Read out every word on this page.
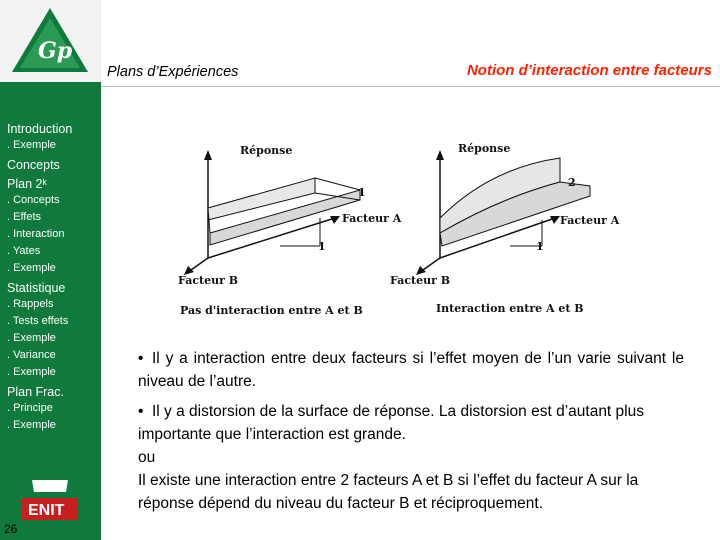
Gp
Introduction
. Exemple
Concepts
Plan 2ᵏ
. Concepts
. Effets
. Interaction
. Yates
. Exemple
Statistique
. Rappels
. Tests effets
. Exemple
. Variance
. Exemple
Plan Frac.
. Principe
. Exemple
ENIT
26
Plans d’Expériences	Notion d’interaction entre facteurs
Réponse
Facteur A
Facteur B
1
1
Pas d'interaction entre A et B
Réponse
Facteur A
Facteur B
2
1
Interaction entre A et B
• Il y a interaction entre deux facteurs si l’effet moyen de l’un varie suivant le niveau de l’autre.
• Il y a distorsion de la surface de réponse. La distorsion est d’autant plus importante que l’interaction est grande.
ou
Il existe une interaction entre 2 facteurs A et B si l’effet du facteur A sur la réponse dépend du niveau du facteur B et réciproquement.
